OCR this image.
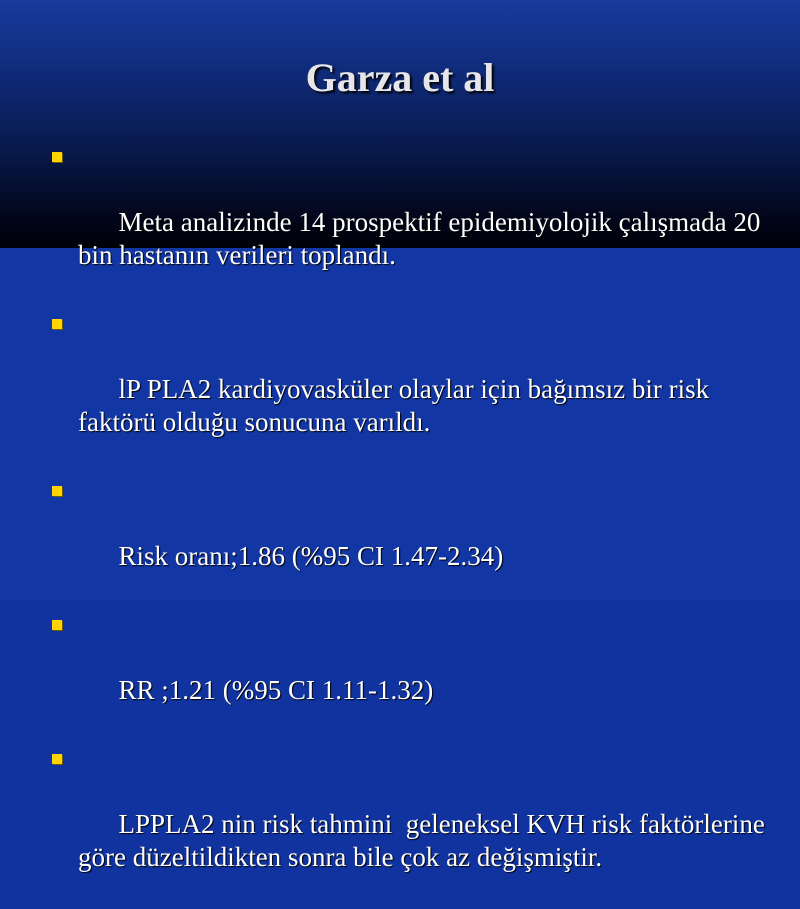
Garza et al

Meta analizinde 14 prospektif epidemiyolojik çalışmada 20 bin hastanın verileri toplandı.

lP PLA2 kardiyovasküler olaylar için bağımsız bir risk faktörü olduğu sonucuna varıldı.

Risk oranı;1.86 (%95 CI 1.47-2.34)

RR ;1.21 (%95 CI 1.11-1.32)

LPPLA2 nin risk tahmini  geleneksel KVH risk faktörlerine göre düzeltildikten sonra bile çok az değişmiştir.
